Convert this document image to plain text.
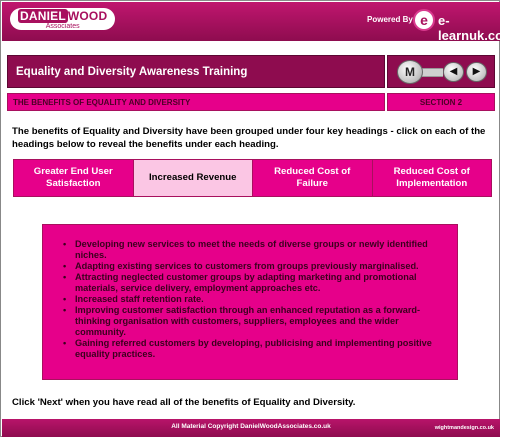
DANIEL WOOD
Associates
Powered By e e-learnuk.com
Equality and Diversity Awareness Training	M	◀	▶
THE BENEFITS OF EQUALITY AND DIVERSITY	SECTION 2
The benefits of Equality and Diversity have been grouped under four key headings - click on each of the headings below to reveal the benefits under each heading.
Greater End User Satisfaction
Increased Revenue
Reduced Cost of Failure
Reduced Cost of Implementation
• Developing new services to meet the needs of diverse groups or newly identified niches.
• Adapting existing services to customers from groups previously marginalised.
• Attracting neglected customer groups by adapting marketing and promotional materials, service delivery, employment approaches etc.
• Increased staff retention rate.
• Improving customer satisfaction through an enhanced reputation as a forward-thinking organisation with customers, suppliers, employees and the wider community.
• Gaining referred customers by developing, publicising and implementing positive equality practices.
Click 'Next' when you have read all of the benefits of Equality and Diversity.
All Material Copyright DanielWoodAssociates.co.uk	wightmandesign.co.uk
